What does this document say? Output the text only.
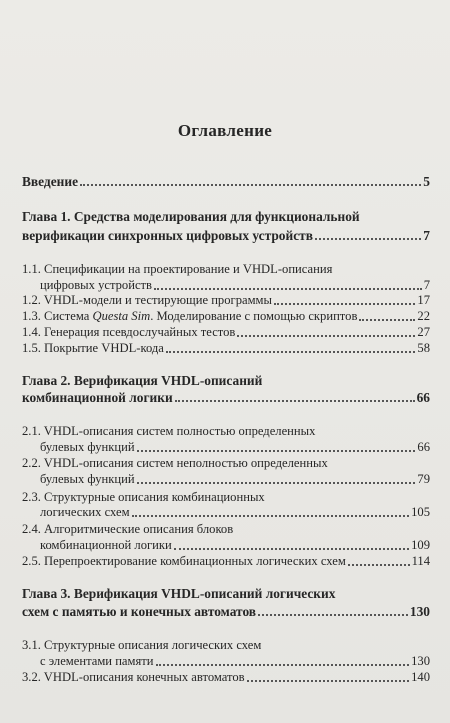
Оглавление
Введение	5
Глава 1. Средства моделирования для функциональной
верификации синхронных цифровых устройств	7
1.1. Спецификации на проектирование и VHDL-описания
цифровых устройств	7
1.2. VHDL-модели и тестирующие программы	17
1.3. Система Questa Sim. Моделирование с помощью скриптов	22
1.4. Генерация псевдослучайных тестов	27
1.5. Покрытие VHDL-кода	58
Глава 2. Верификация VHDL-описаний
комбинационной логики	66
2.1. VHDL-описания систем полностью определенных
булевых функций	66
2.2. VHDL-описания систем неполностью определенных
булевых функций	79
2.3. Структурные описания комбинационных
логических схем	105
2.4. Алгоритмические описания блоков
комбинационной логики	109
2.5. Перепроектирование комбинационных логических схем	114
Глава 3. Верификация VHDL-описаний логических
схем с памятью и конечных автоматов	130
3.1. Структурные описания логических схем
с элементами памяти	130
3.2. VHDL-описания конечных автоматов	140
